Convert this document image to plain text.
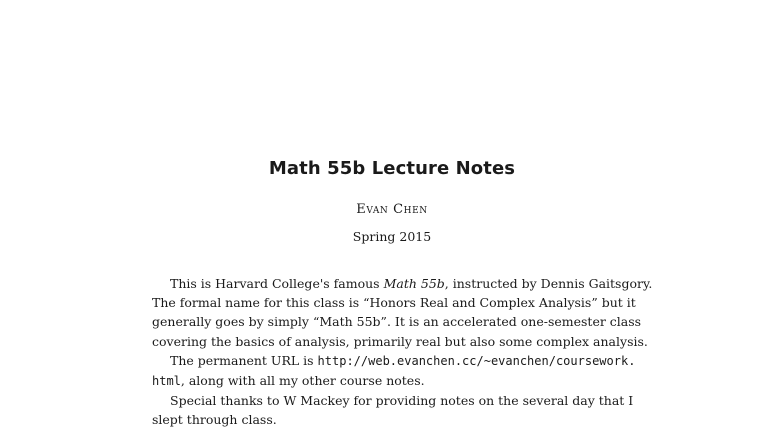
Math 55b Lecture Notes
Evan Chen
Spring 2015
This is Harvard College's famous Math 55b, instructed by Dennis Gaitsgory.
The formal name for this class is “Honors Real and Complex Analysis” but it
generally goes by simply “Math 55b”. It is an accelerated one-semester class
covering the basics of analysis, primarily real but also some complex analysis.
The permanent URL is http://web.evanchen.cc/~evanchen/coursework.
html, along with all my other course notes.
Special thanks to W Mackey for providing notes on the several day that I
slept through class.
